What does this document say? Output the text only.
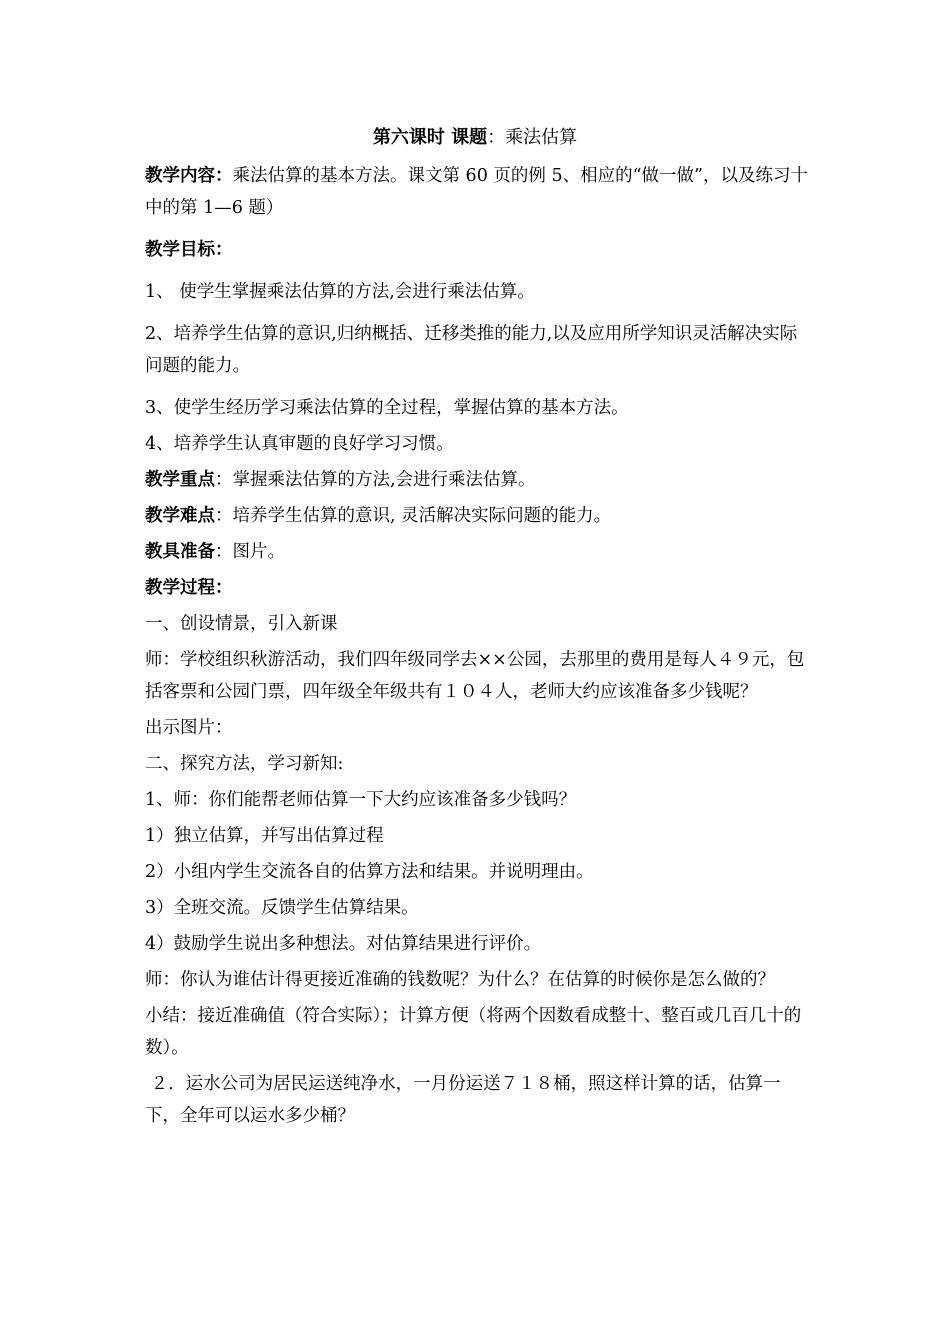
第六课时 课题：乘法估算

教学内容：乘法估算的基本方法。课文第 60 页的例 5、相应的“做一做”，以及练习十中的第 1—6 题）

教学目标：

1、 使学生掌握乘法估算的方法,会进行乘法估算。

2、培养学生估算的意识,归纳概括、迁移类推的能力,以及应用所学知识灵活解决实际问题的能力。

3、使学生经历学习乘法估算的全过程，掌握估算的基本方法。

4、培养学生认真审题的良好学习习惯。

教学重点：掌握乘法估算的方法,会进行乘法估算。

教学难点：培养学生估算的意识, 灵活解决实际问题的能力。

教具准备：图片。

教学过程：

一、创设情景，引入新课

师：学校组织秋游活动，我们四年级同学去××公园，去那里的费用是每人４９元，包括客票和公园门票，四年级全年级共有１０４人，老师大约应该准备多少钱呢？

出示图片：

二、探究方法，学习新知:

1、师：你们能帮老师估算一下大约应该准备多少钱吗？

1）独立估算，并写出估算过程

2）小组内学生交流各自的估算方法和结果。并说明理由。

3）全班交流。反馈学生估算结果。

4）鼓励学生说出多种想法。对估算结果进行评价。

师：你认为谁估计得更接近准确的钱数呢？为什么？在估算的时候你是怎么做的？

小结：接近准确值（符合实际）；计算方便（将两个因数看成整十、整百或几百几十的数）。

２．运水公司为居民运送纯净水，一月份运送７１８桶，照这样计算的话，估算一下，全年可以运水多少桶？
